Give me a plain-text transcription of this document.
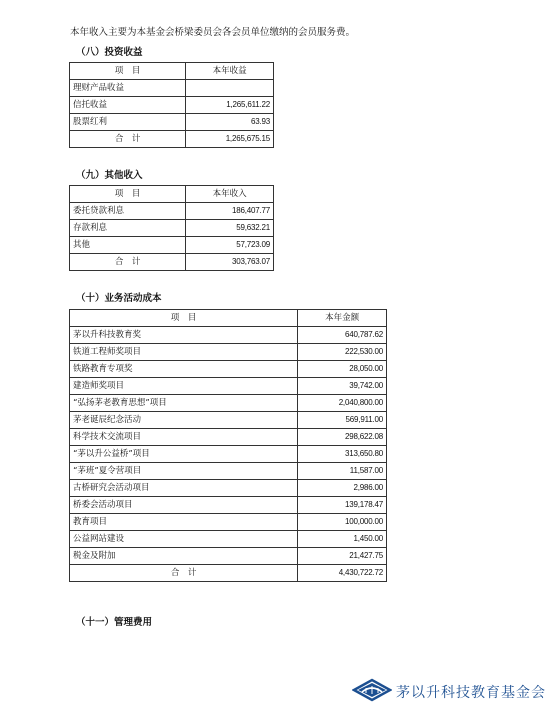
本年收入主要为本基金会桥梁委员会各会员单位缴纳的会员服务费。
（八）投资收益
项　目	本年收益
理财产品收益	
信托收益	1,265,611.22
股票红利	63.93
合　计	1,265,675.15
（九）其他收入
项　目	本年收入
委托贷款利息	186,407.77
存款利息	59,632.21
其他	57,723.09
合　计	303,763.07
（十）业务活动成本
项　目	本年金额
茅以升科技教育奖	640,787.62
铁道工程师奖项目	222,530.00
铁路教育专项奖	28,050.00
建造师奖项目	39,742.00
“弘扬茅老教育思想”项目	2,040,800.00
茅老诞辰纪念活动	569,911.00
科学技术交流项目	298,622.08
“茅以升公益桥”项目	313,650.80
“茅班”夏令营项目	11,587.00
古桥研究会活动项目	2,986.00
桥委会活动项目	139,178.47
教育项目	100,000.00
公益网站建设	1,450.00
税金及附加	21,427.75
合　计	4,430,722.72
（十一）管理费用
茅以升科技教育基金会
